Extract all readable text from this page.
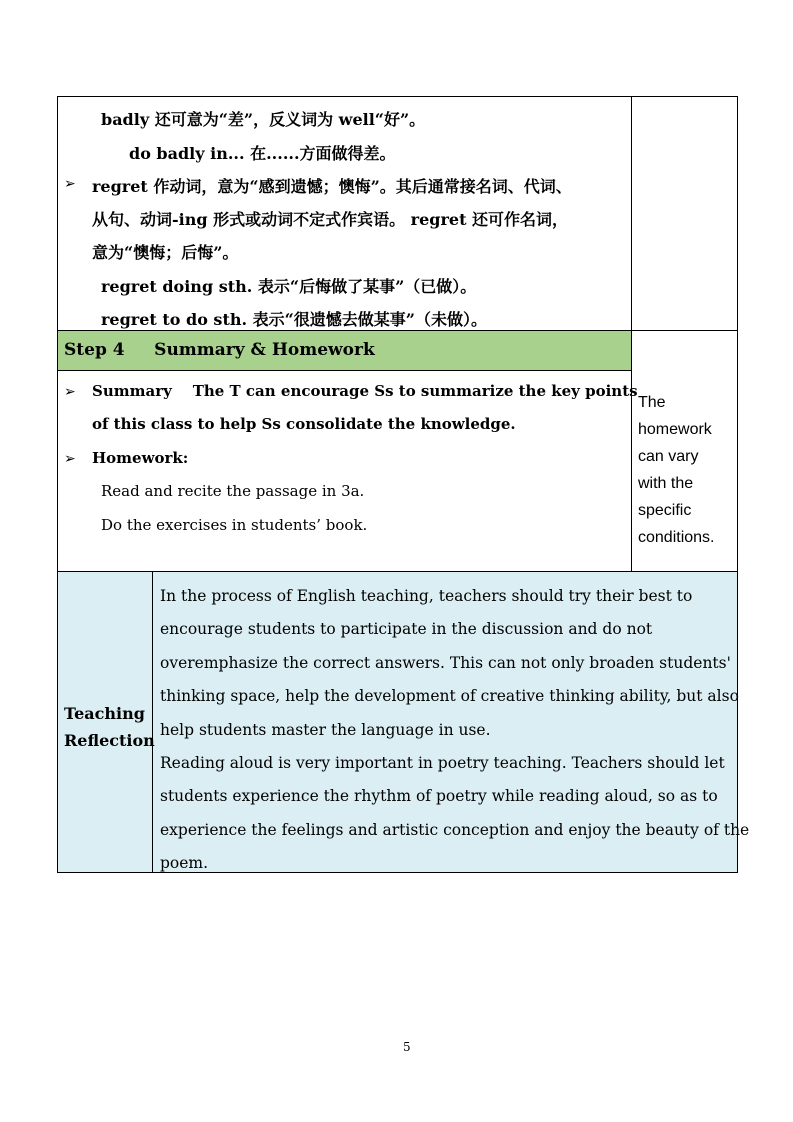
badly 还可意为“差”，反义词为 well“好”。
do badly in... 在......方面做得差。
➢ regret 作动词，意为“感到遗憾；懊悔”。其后通常接名词、代词、
从句、动词-ing 形式或动词不定式作宾语。 regret 还可作名词，
意为“懊悔；后悔”。
regret doing sth. 表示“后悔做了某事”（已做）。
regret to do sth. 表示“很遗憾去做某事”（未做）。
Step 4     Summary & Homework
➢ Summary    The T can encourage Ss to summarize the key points
of this class to help Ss consolidate the knowledge.
➢ Homework:
Read and recite the passage in 3a.
Do the exercises in students’ book.
The
homework
can vary
with the
specific
conditions.
Teaching
Reflection
In the process of English teaching, teachers should try their best to
encourage students to participate in the discussion and do not
overemphasize the correct answers. This can not only broaden students'
thinking space, help the development of creative thinking ability, but also
help students master the language in use.
Reading aloud is very important in poetry teaching. Teachers should let
students experience the rhythm of poetry while reading aloud, so as to
experience the feelings and artistic conception and enjoy the beauty of the
poem.
5
